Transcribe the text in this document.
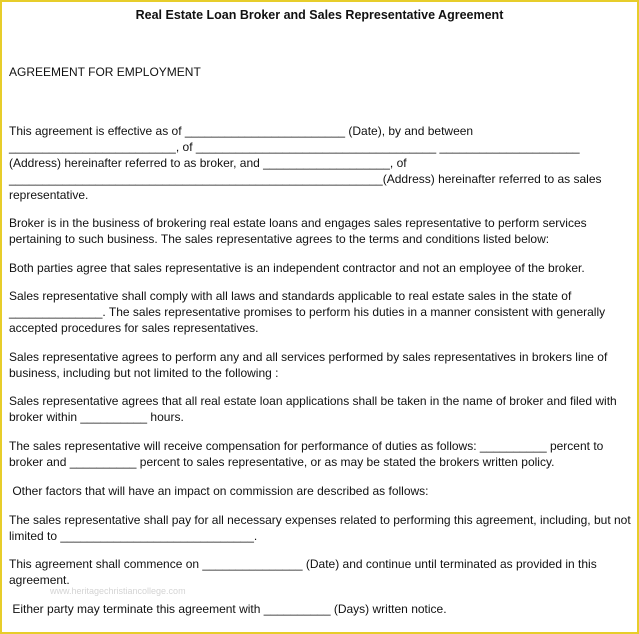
Real Estate Loan Broker and Sales Representative Agreement

AGREEMENT FOR EMPLOYMENT

This agreement is effective as of ________________________ (Date), by and between
_________________________, of ____________________________________ _____________________
(Address) hereinafter referred to as broker, and ___________________, of
________________________________________________________(Address) hereinafter referred to as sales
representative.

Broker is in the business of brokering real estate loans and engages sales representative to perform services
pertaining to such business. The sales representative agrees to the terms and conditions listed below:

Both parties agree that sales representative is an independent contractor and not an employee of the broker.

Sales representative shall comply with all laws and standards applicable to real estate sales in the state of
______________. The sales representative promises to perform his duties in a manner consistent with generally
accepted procedures for sales representatives.

Sales representative agrees to perform any and all services performed by sales representatives in brokers line of
business, including but not limited to the following :

Sales representative agrees that all real estate loan applications shall be taken in the name of broker and filed with
broker within __________ hours.

The sales representative will receive compensation for performance of duties as follows: __________ percent to
broker and __________ percent to sales representative, or as may be stated the brokers written policy.

Other factors that will have an impact on commission are described as follows:

The sales representative shall pay for all necessary expenses related to performing this agreement, including, but not
limited to _____________________________.

This agreement shall commence on _______________ (Date) and continue until terminated as provided in this
agreement.

Either party may terminate this agreement with __________ (Days) written notice.

www.heritagechristiancollege.com
